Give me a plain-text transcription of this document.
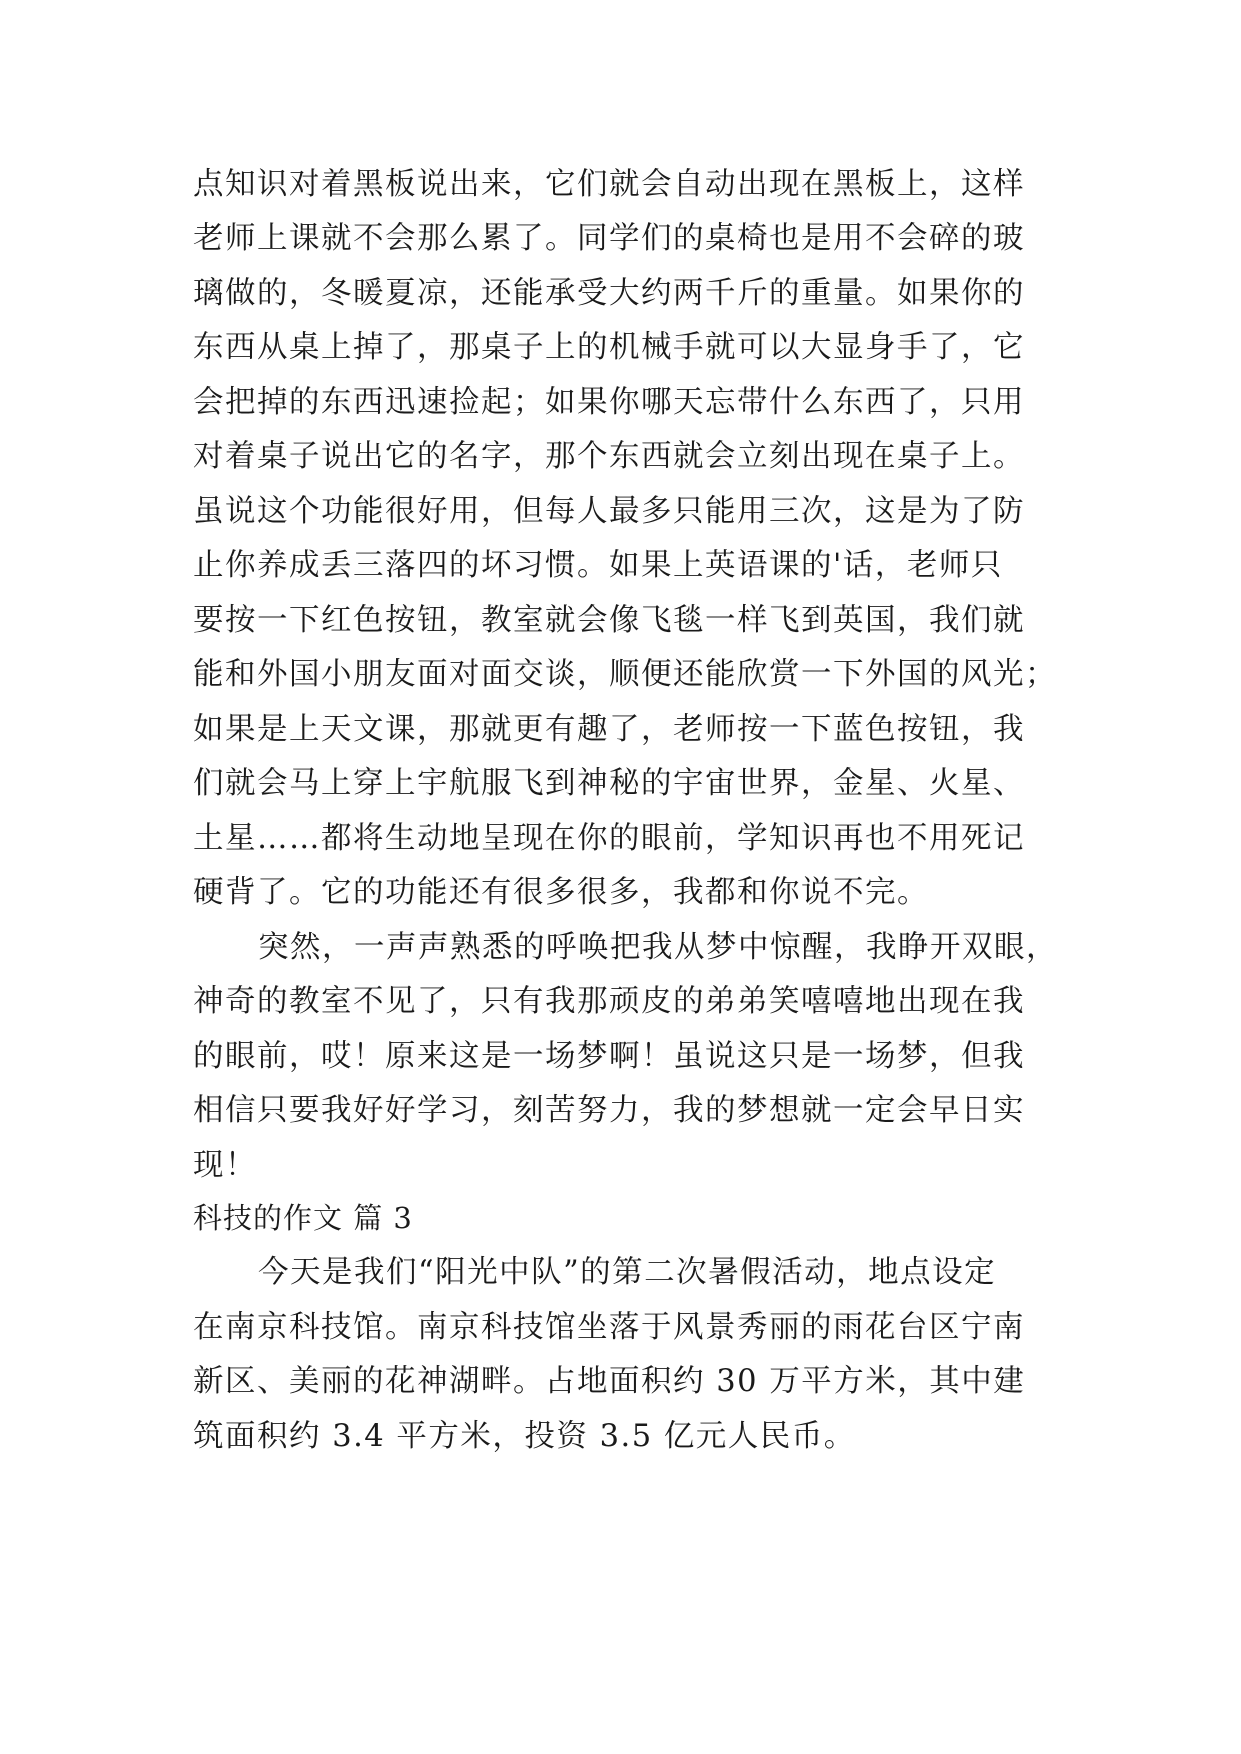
点知识对着黑板说出来，它们就会自动出现在黑板上，这样
老师上课就不会那么累了。同学们的桌椅也是用不会碎的玻
璃做的，冬暖夏凉，还能承受大约两千斤的重量。如果你的
东西从桌上掉了，那桌子上的机械手就可以大显身手了，它
会把掉的东西迅速捡起；如果你哪天忘带什么东西了，只用
对着桌子说出它的名字，那个东西就会立刻出现在桌子上。
虽说这个功能很好用，但每人最多只能用三次，这是为了防
止你养成丢三落四的坏习惯。如果上英语课的'话，老师只
要按一下红色按钮，教室就会像飞毯一样飞到英国，我们就
能和外国小朋友面对面交谈，顺便还能欣赏一下外国的风光；
如果是上天文课，那就更有趣了，老师按一下蓝色按钮，我
们就会马上穿上宇航服飞到神秘的宇宙世界，金星、火星、
土星……都将生动地呈现在你的眼前，学知识再也不用死记
硬背了。它的功能还有很多很多，我都和你说不完。
突然，一声声熟悉的呼唤把我从梦中惊醒，我睁开双眼，
神奇的教室不见了，只有我那顽皮的弟弟笑嘻嘻地出现在我
的眼前，哎！原来这是一场梦啊！虽说这只是一场梦，但我
相信只要我好好学习，刻苦努力，我的梦想就一定会早日实
现！
科技的作文 篇 3
今天是我们“阳光中队”的第二次暑假活动，地点设定
在南京科技馆。南京科技馆坐落于风景秀丽的雨花台区宁南
新区、美丽的花神湖畔。占地面积约 30 万平方米，其中建
筑面积约 3.4 平方米，投资 3.5 亿元人民币。
